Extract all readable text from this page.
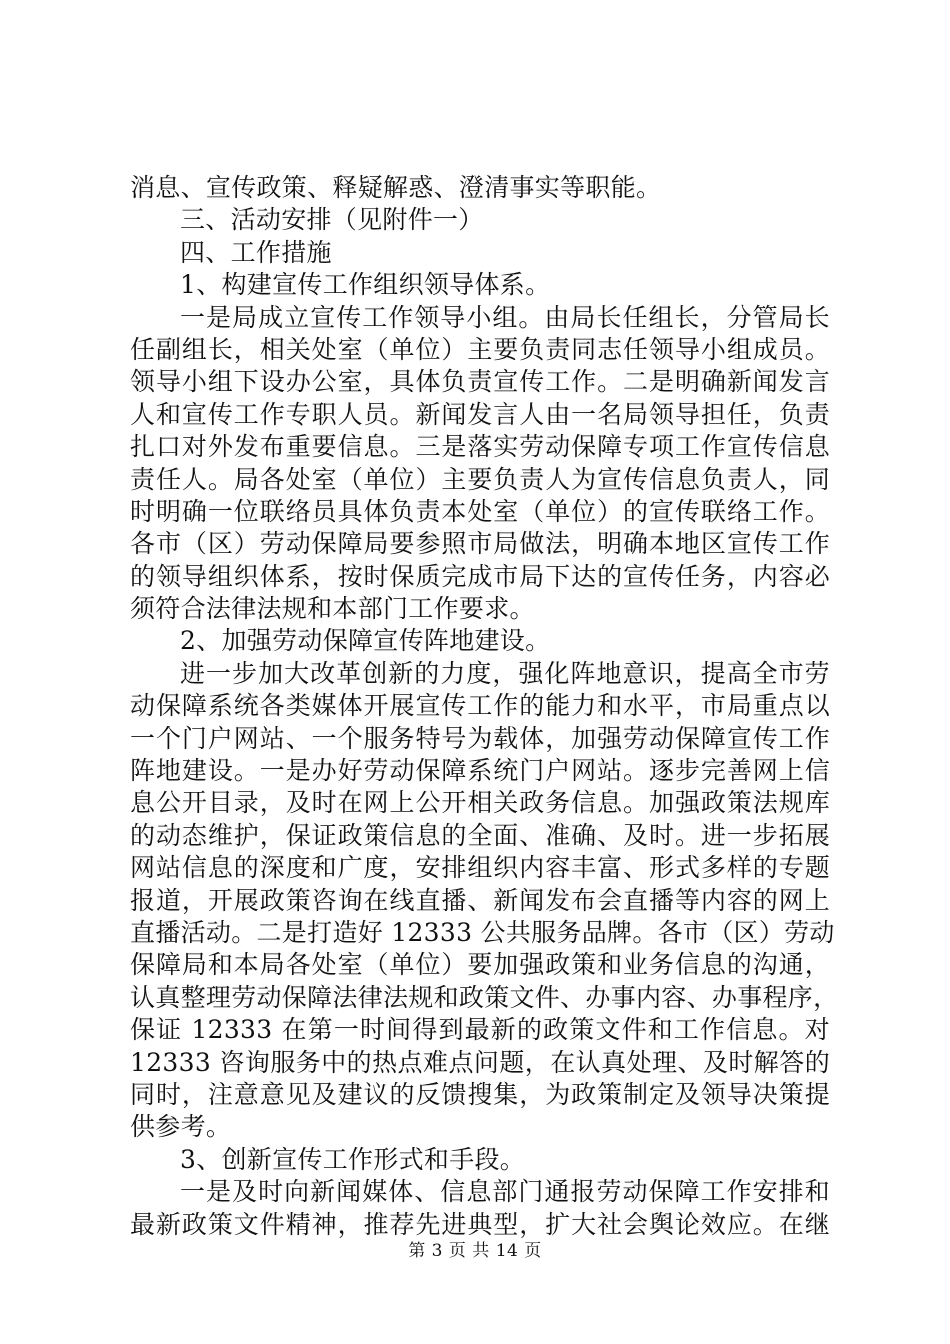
消息、宣传政策、释疑解惑、澄清事实等职能。
三、活动安排（见附件一）
四、工作措施
1、构建宣传工作组织领导体系。
一是局成立宣传工作领导小组。由局长任组长，分管局长
任副组长，相关处室（单位）主要负责同志任领导小组成员。
领导小组下设办公室，具体负责宣传工作。二是明确新闻发言
人和宣传工作专职人员。新闻发言人由一名局领导担任，负责
扎口对外发布重要信息。三是落实劳动保障专项工作宣传信息
责任人。局各处室（单位）主要负责人为宣传信息负责人，同
时明确一位联络员具体负责本处室（单位）的宣传联络工作。
各市（区）劳动保障局要参照市局做法，明确本地区宣传工作
的领导组织体系，按时保质完成市局下达的宣传任务，内容必
须符合法律法规和本部门工作要求。
2、加强劳动保障宣传阵地建设。
进一步加大改革创新的力度，强化阵地意识，提高全市劳
动保障系统各类媒体开展宣传工作的能力和水平，市局重点以
一个门户网站、一个服务特号为载体，加强劳动保障宣传工作
阵地建设。一是办好劳动保障系统门户网站。逐步完善网上信
息公开目录，及时在网上公开相关政务信息。加强政策法规库
的动态维护，保证政策信息的全面、准确、及时。进一步拓展
网站信息的深度和广度，安排组织内容丰富、形式多样的专题
报道，开展政策咨询在线直播、新闻发布会直播等内容的网上
直播活动。二是打造好 12333 公共服务品牌。各市（区）劳动
保障局和本局各处室（单位）要加强政策和业务信息的沟通，
认真整理劳动保障法律法规和政策文件、办事内容、办事程序，
保证 12333 在第一时间得到最新的政策文件和工作信息。对
12333 咨询服务中的热点难点问题，在认真处理、及时解答的
同时，注意意见及建议的反馈搜集，为政策制定及领导决策提
供参考。
3、创新宣传工作形式和手段。
一是及时向新闻媒体、信息部门通报劳动保障工作安排和
最新政策文件精神，推荐先进典型，扩大社会舆论效应。在继
第 3 页 共 14 页
